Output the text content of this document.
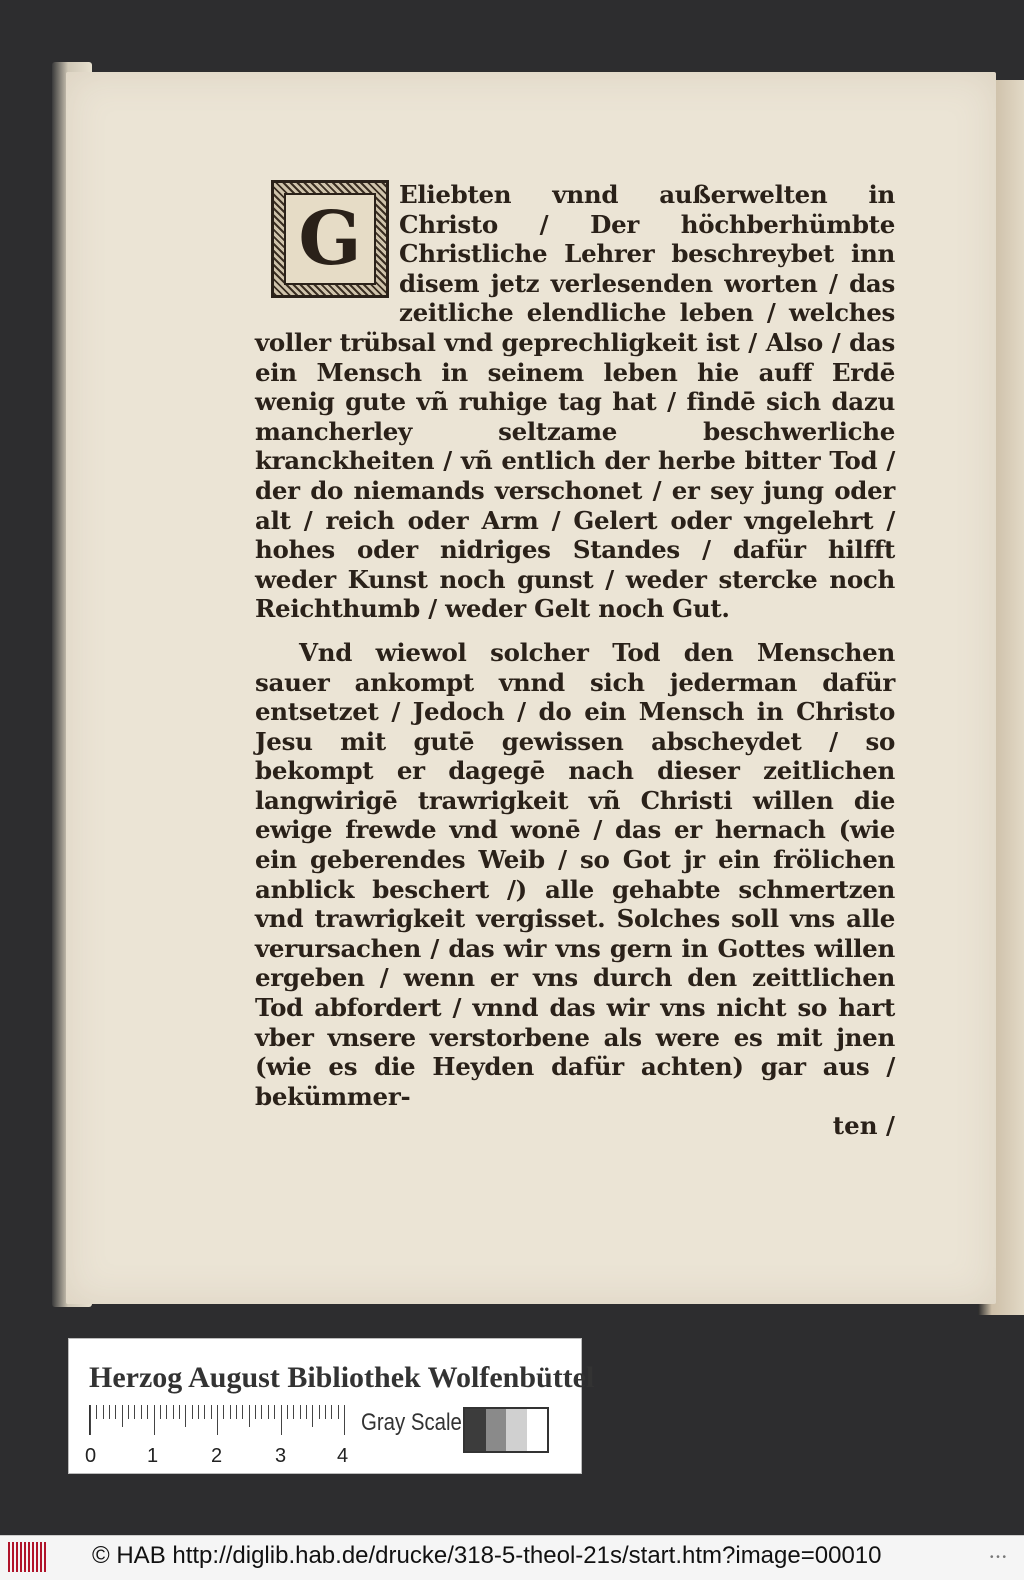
G

Eliebten vnnd außerwelten in Christo / Der höchberhümbte Christliche Lehrer beschreybet inn disem jetz verlesenden worten / das zeitliche elendliche leben / welches voller trübsal vnd geprechligkeit ist / Also / das ein Mensch in seinem leben hie auff Erdē wenig gute vñ ruhige tag hat / findē sich dazu mancherley seltzame beschwerliche kranckheiten / vñ entlich der herbe bitter Tod / der do niemands verschonet / er sey jung oder alt / reich oder Arm / Gelert oder vngelehrt / hohes oder nidriges Standes / dafür hilfft weder Kunst noch gunst / weder stercke noch Reichthumb / weder Gelt noch Gut.

Vnd wiewol solcher Tod den Menschen sauer ankompt vnnd sich jederman dafür entsetzet / Jedoch / do ein Mensch in Christo Jesu mit gutē gewissen abscheydet / so bekompt er dagegē nach dieser zeitlichen langwirigē trawrigkeit vñ Christi willen die ewige frewde vnd wonē / das er hernach (wie ein geberendes Weib / so Got jr ein frölichen anblick beschert /) alle gehabte schmertzen vnd trawrigkeit vergisset. Solches soll vns alle verursachen / das wir vns gern in Gottes willen ergeben / wenn er vns durch den zeittlichen Tod abfordert / vnnd das wir vns nicht so hart vber vnsere verstorbene als were es mit jnen (wie es die Heyden dafür achten) gar aus / bekümmer-

ten /

Herzog August Bibliothek Wolfenbüttel
0	1	2	3	4
Gray Scale
© HAB http://diglib.hab.de/drucke/318-5-theol-21s/start.htm?image=00010	• • •
